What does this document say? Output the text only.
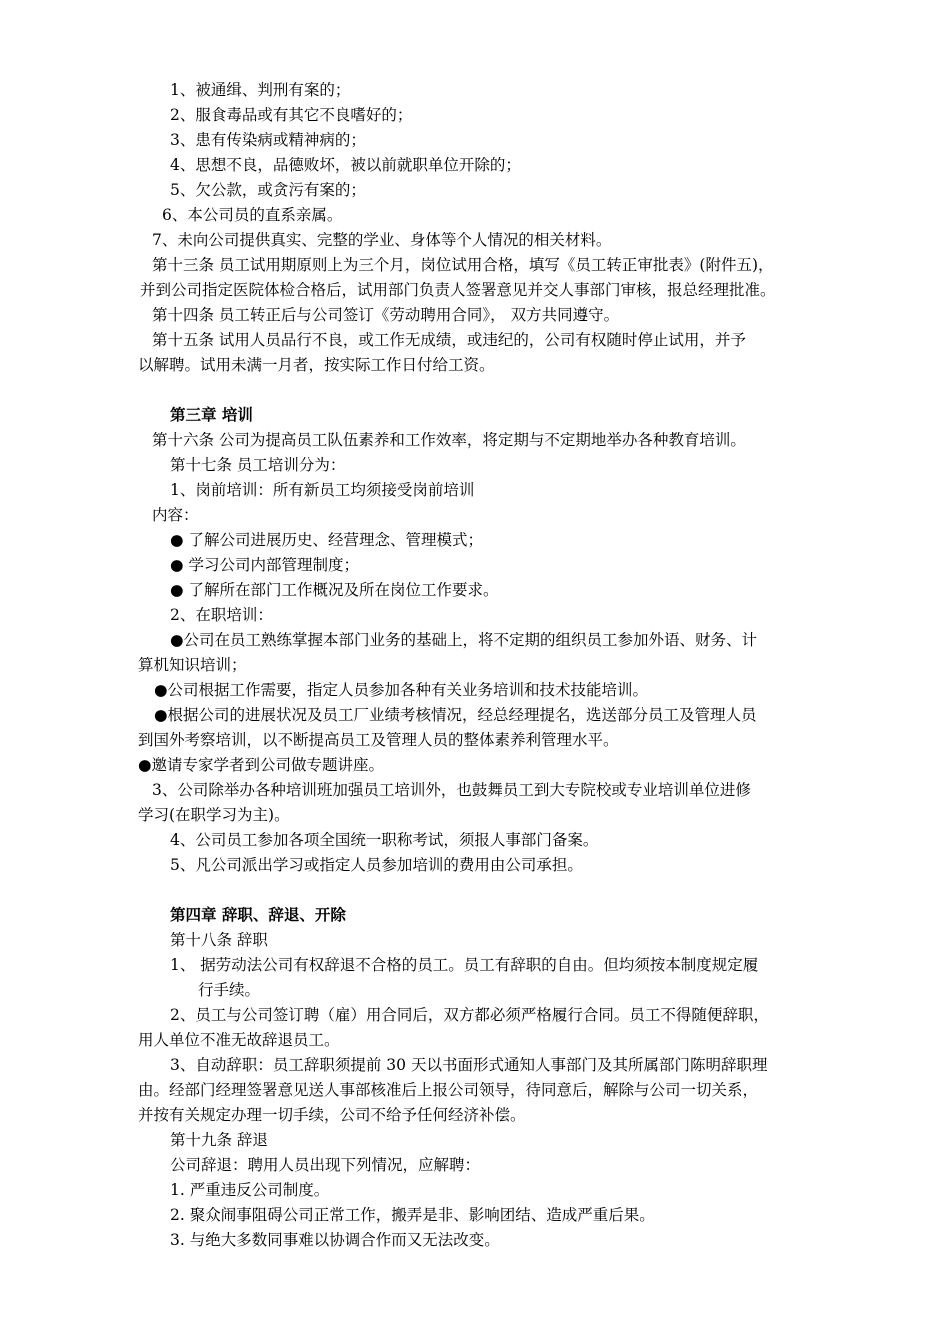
1、被通缉、判刑有案的；
2、服食毒品或有其它不良嗜好的；
3、患有传染病或精神病的；
4、思想不良，品德败坏，被以前就职单位开除的；
5、欠公款，或贪污有案的；
6、本公司员的直系亲属。
7、未向公司提供真实、完整的学业、身体等个人情况的相关材料。
第十三条 员工试用期原则上为三个月，岗位试用合格，填写《员工转正审批表》(附件五)，
并到公司指定医院体检合格后，试用部门负责人签署意见并交人事部门审核，报总经理批准。
第十四条 员工转正后与公司签订《劳动聘用合同》， 双方共同遵守。
第十五条 试用人员品行不良，或工作无成绩，或违纪的，公司有权随时停止试用，并予
以解聘。试用未满一月者，按实际工作日付给工资。
第三章 培训
第十六条 公司为提高员工队伍素养和工作效率，将定期与不定期地举办各种教育培训。
第十七条 员工培训分为：
1、岗前培训：所有新员工均须接受岗前培训
内容：
● 了解公司进展历史、经营理念、管理模式；
● 学习公司内部管理制度；
● 了解所在部门工作概况及所在岗位工作要求。
2、在职培训：
●公司在员工熟练掌握本部门业务的基础上，将不定期的组织员工参加外语、财务、计
算机知识培训；
●公司根据工作需要，指定人员参加各种有关业务培训和技术技能培训。
●根据公司的进展状况及员工厂业绩考核情况，经总经理提名，选送部分员工及管理人员
到国外考察培训，以不断提高员工及管理人员的整体素养利管理水平。
●邀请专家学者到公司做专题讲座。
3、公司除举办各种培训班加强员工培训外，也鼓舞员工到大专院校或专业培训单位进修
学习(在职学习为主)。
4、公司员工参加各项全国统一职称考试，须报人事部门备案。
5、凡公司派出学习或指定人员参加培训的费用由公司承担。
第四章 辞职、辞退、开除
第十八条 辞职
1、 据劳动法公司有权辞退不合格的员工。员工有辞职的自由。但均须按本制度规定履
行手续。
2、员工与公司签订聘（雇）用合同后，双方都必须严格履行合同。员工不得随便辞职，
用人单位不准无故辞退员工。
3、自动辞职：员工辞职须提前 30 天以书面形式通知人事部门及其所属部门陈明辞职理
由。经部门经理签署意见送人事部核准后上报公司领导，待同意后，解除与公司一切关系，
并按有关规定办理一切手续，公司不给予任何经济补偿。
第十九条 辞退
公司辞退：聘用人员出现下列情况，应解聘：
1. 严重违反公司制度。
2. 聚众闹事阻碍公司正常工作，搬弄是非、影响团结、造成严重后果。
3. 与绝大多数同事难以协调合作而又无法改变。
